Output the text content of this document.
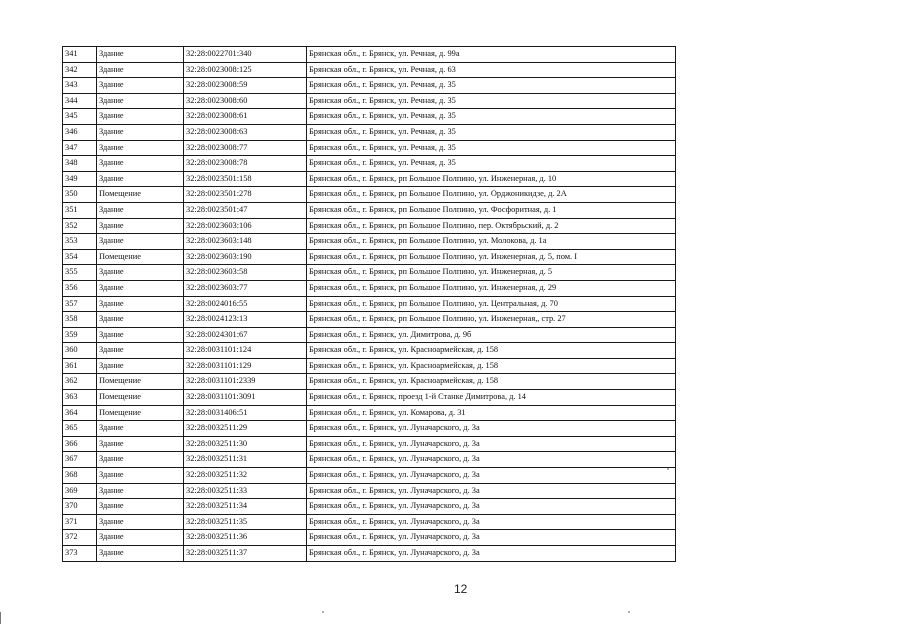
341	Здание	32:28:0022701:340	Брянская обл., г. Брянск, ул. Речная, д. 99а
342	Здание	32:28:0023008:125	Брянская обл., г. Брянск, ул. Речная, д. 63
343	Здание	32:28:0023008:59	Брянская обл., г. Брянск, ул. Речная, д. 35
344	Здание	32:28:0023008:60	Брянская обл., г. Брянск, ул. Речная, д. 35
345	Здание	32:28:0023008:61	Брянская обл., г. Брянск, ул. Речная, д. 35
346	Здание	32:28:0023008:63	Брянская обл., г. Брянск, ул. Речная, д. 35
347	Здание	32:28:0023008:77	Брянская обл., г. Брянск, ул. Речная, д. 35
348	Здание	32:28:0023008:78	Брянская обл., г. Брянск, ул. Речная, д. 35
349	Здание	32:28:0023501:158	Брянская обл., г. Брянск, рп Большое Полпино, ул. Инженерная, д. 10
350	Помещение	32:28:0023501:278	Брянская обл., г. Брянск, рп Большое Полпино, ул. Орджоникидзе, д. 2А
351	Здание	32:28:0023501:47	Брянская обл., г. Брянск, рп Большое Полпино, ул. Фосфоритная, д. 1
352	Здание	32:28:0023603:106	Брянская обл., г. Брянск, рп Большое Полпино, пер. Октябрьский, д. 2
353	Здание	32:28:0023603:148	Брянская обл., г. Брянск, рп Большое Полпино, ул. Молокова, д. 1а
354	Помещение	32:28:0023603:190	Брянская обл., г. Брянск, рп Большое Полпино, ул. Инженерная, д. 5, пом. I
355	Здание	32:28:0023603:58	Брянская обл., г. Брянск, рп Большое Полпино, ул. Инженерная, д. 5
356	Здание	32:28:0023603:77	Брянская обл., г. Брянск, рп Большое Полпино, ул. Инженерная, д. 29
357	Здание	32:28:0024016:55	Брянская обл., г. Брянск, рп Большое Полпино, ул. Центральная, д. 70
358	Здание	32:28:0024123:13	Брянская обл., г. Брянск, рп Большое Полпино, ул. Инженерная,, стр. 27
359	Здание	32:28:0024301:67	Брянская обл., г. Брянск, ул. Димитрова, д. 9б
360	Здание	32:28:0031101:124	Брянская обл., г. Брянск, ул. Красноармейская, д. 158
361	Здание	32:28:0031101:129	Брянская обл., г. Брянск, ул. Красноармейская, д. 158
362	Помещение	32:28:0031101:2339	Брянская обл., г. Брянск, ул. Красноармейская, д. 158
363	Помещение	32:28:0031101:3091	Брянская обл., г. Брянск, проезд 1-й Станке Димитрова, д. 14
364	Помещение	32:28:0031406:51	Брянская обл., г. Брянск, ул. Комарова, д. 31
365	Здание	32:28:0032511:29	Брянская обл., г. Брянск, ул. Луначарского, д. 3а
366	Здание	32:28:0032511:30	Брянская обл., г. Брянск, ул. Луначарского, д. 3а
367	Здание	32:28:0032511:31	Брянская обл., г. Брянск, ул. Луначарского, д. 3а
368	Здание	32:28:0032511:32	Брянская обл., г. Брянск, ул. Луначарского, д. 3а
369	Здание	32:28:0032511:33	Брянская обл., г. Брянск, ул. Луначарского, д. 3а
370	Здание	32:28:0032511:34	Брянская обл., г. Брянск, ул. Луначарского, д. 3а
371	Здание	32:28:0032511:35	Брянская обл., г. Брянск, ул. Луначарского, д. 3а
372	Здание	32:28:0032511:36	Брянская обл., г. Брянск, ул. Луначарского, д. 3а
373	Здание	32:28:0032511:37	Брянская обл., г. Брянск, ул. Луначарского, д. 3а
12
